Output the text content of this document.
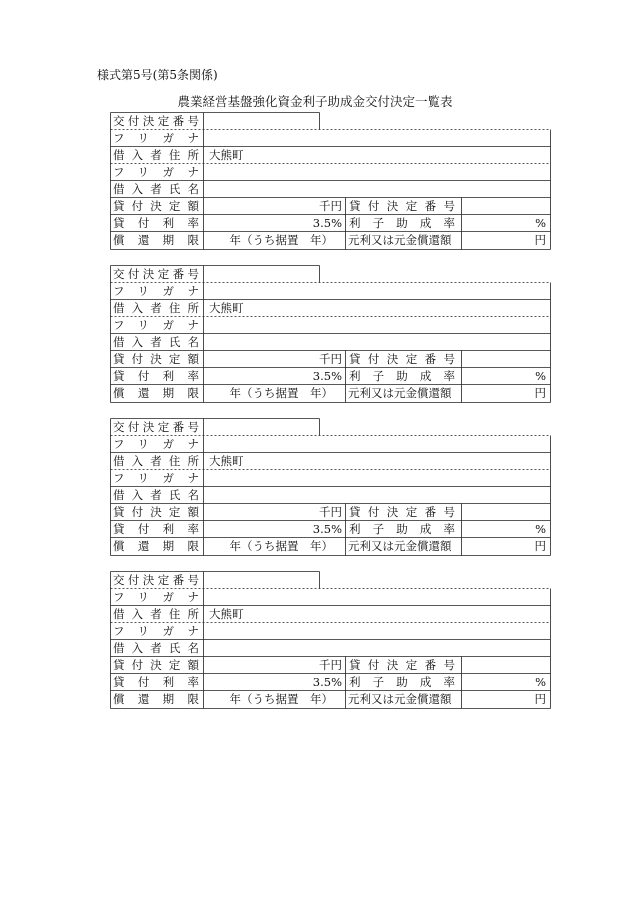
様式第5号(第5条関係)
農業経営基盤強化資金利子助成金交付決定一覧表
交付決定番号
フリガナ
借入者住所
フリガナ
借入者氏名
貸付決定額
貸付利率
償還期限
大熊町
千円
3.5%
年（うち据置　年）
貸付決定番号
利子助成率
元利又は元金償還額
%
円
交付決定番号
フリガナ
借入者住所
フリガナ
借入者氏名
貸付決定額
貸付利率
償還期限
大熊町
千円
3.5%
年（うち据置　年）
貸付決定番号
利子助成率
元利又は元金償還額
%
円
交付決定番号
フリガナ
借入者住所
フリガナ
借入者氏名
貸付決定額
貸付利率
償還期限
大熊町
千円
3.5%
年（うち据置　年）
貸付決定番号
利子助成率
元利又は元金償還額
%
円
交付決定番号
フリガナ
借入者住所
フリガナ
借入者氏名
貸付決定額
貸付利率
償還期限
大熊町
千円
3.5%
年（うち据置　年）
貸付決定番号
利子助成率
元利又は元金償還額
%
円
